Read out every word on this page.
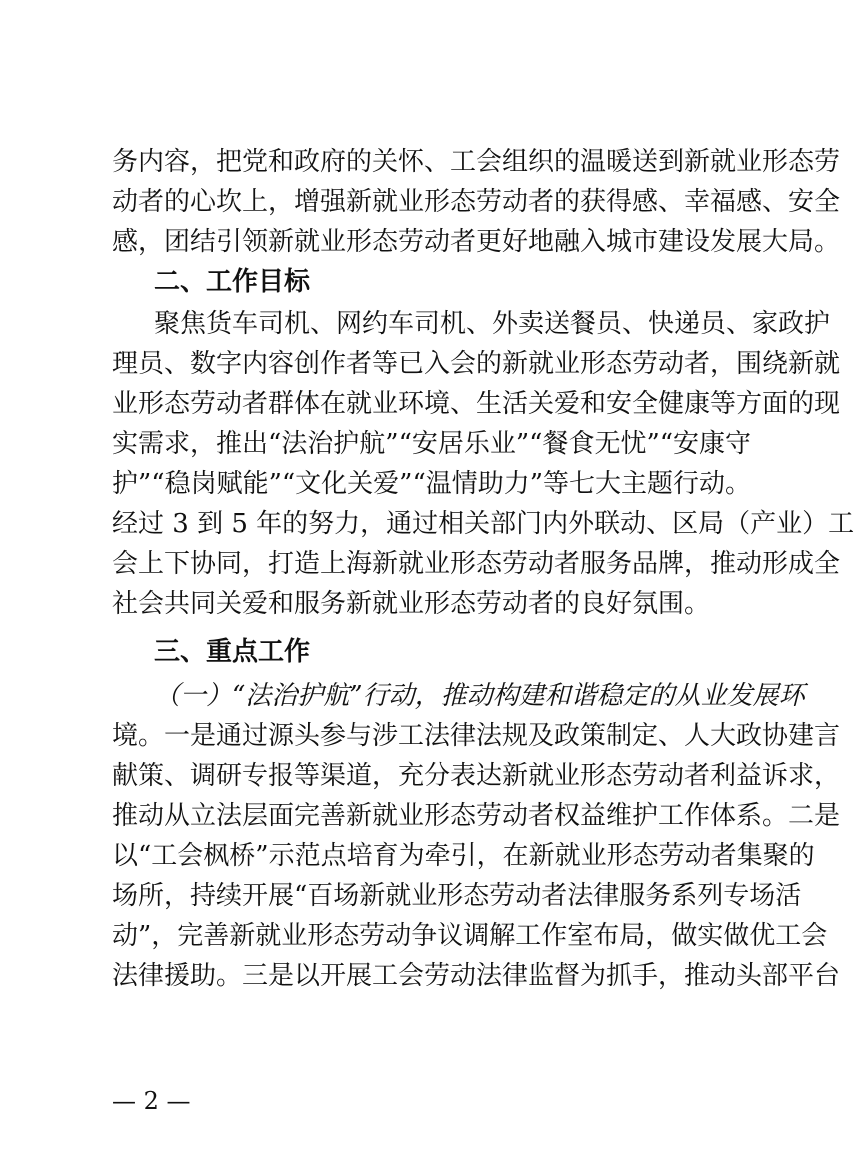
务内容，把党和政府的关怀、工会组织的温暖送到新就业形态劳
动者的心坎上，增强新就业形态劳动者的获得感、幸福感、安全
感，团结引领新就业形态劳动者更好地融入城市建设发展大局。
二、工作目标
聚焦货车司机、网约车司机、外卖送餐员、快递员、家政护
理员、数字内容创作者等已入会的新就业形态劳动者，围绕新就
业形态劳动者群体在就业环境、生活关爱和安全健康等方面的现
实需求，推出“法治护航”“安居乐业”“餐食无忧”“安康守
护”“稳岗赋能”“文化关爱”“温情助力”等七大主题行动。
经过 3 到 5 年的努力，通过相关部门内外联动、区局（产业）工
会上下协同，打造上海新就业形态劳动者服务品牌，推动形成全
社会共同关爱和服务新就业形态劳动者的良好氛围。
三、重点工作
（一）“法治护航”行动，推动构建和谐稳定的从业发展环
境。一是通过源头参与涉工法律法规及政策制定、人大政协建言
献策、调研专报等渠道，充分表达新就业形态劳动者利益诉求，
推动从立法层面完善新就业形态劳动者权益维护工作体系。二是
以“工会枫桥”示范点培育为牵引，在新就业形态劳动者集聚的
场所，持续开展“百场新就业形态劳动者法律服务系列专场活
动”，完善新就业形态劳动争议调解工作室布局，做实做优工会
法律援助。三是以开展工会劳动法律监督为抓手，推动头部平台
— 2 —
